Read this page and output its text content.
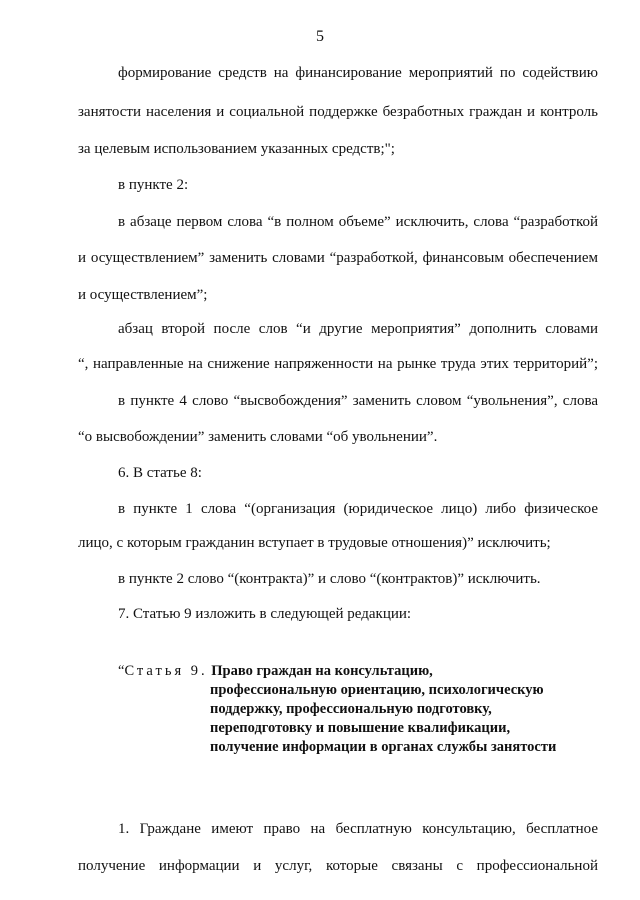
5
формирование средств на финансирование мероприятий по содействию
занятости населения и социальной поддержке безработных граждан и контроль
за целевым использованием указанных средств;";
в пункте 2:
в абзаце первом слова “в полном объеме” исключить, слова “разработкой
и осуществлением” заменить словами “разработкой, финансовым обеспечением
и осуществлением”;
абзац второй после слов “и другие мероприятия” дополнить словами
“, направленные на снижение напряженности на рынке труда этих территорий”;
в пункте 4 слово “высвобождения” заменить словом “увольнения”, слова
“о высвобождении” заменить словами “об увольнении”.
6. В статье 8:
в пункте 1 слова “(организация (юридическое лицо) либо физическое
лицо, с которым гражданин вступает в трудовые отношения)” исключить;
в пункте 2 слово “(контракта)” и слово “(контрактов)” исключить.
7. Статью 9 изложить в следующей редакции:
“Статья 9. Право граждан на консультацию,
профессиональную ориентацию, психологическую
поддержку, профессиональную подготовку,
переподготовку и повышение квалификации,
получение информации в органах службы занятости
1. Граждане имеют право на бесплатную консультацию, бесплатное
получение информации и услуг, которые связаны с профессиональной
